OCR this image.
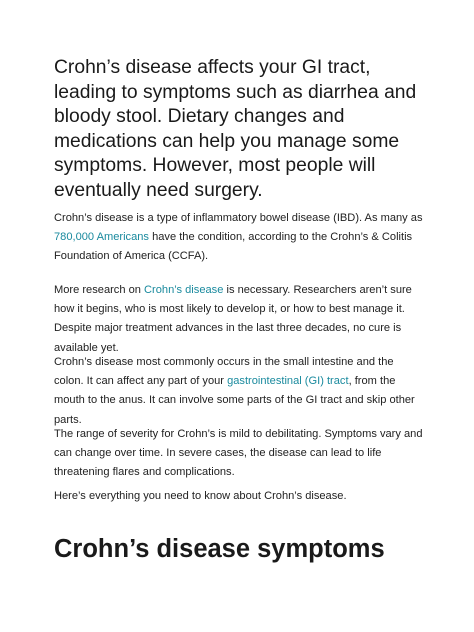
Crohn’s disease affects your GI tract, leading to symptoms such as diarrhea and bloody stool. Dietary changes and medications can help you manage some symptoms. However, most people will eventually need surgery.

Crohn’s disease is a type of inflammatory bowel disease (IBD). As many as 780,000 Americans have the condition, according to the Crohn’s & Colitis Foundation of America (CCFA).

More research on Crohn’s disease is necessary. Researchers aren’t sure how it begins, who is most likely to develop it, or how to best manage it. Despite major treatment advances in the last three decades, no cure is available yet.

Crohn’s disease most commonly occurs in the small intestine and the colon. It can affect any part of your gastrointestinal (GI) tract, from the mouth to the anus. It can involve some parts of the GI tract and skip other parts.

The range of severity for Crohn’s is mild to debilitating. Symptoms vary and can change over time. In severe cases, the disease can lead to life threatening flares and complications.

Here’s everything you need to know about Crohn’s disease.

Crohn’s disease symptoms
